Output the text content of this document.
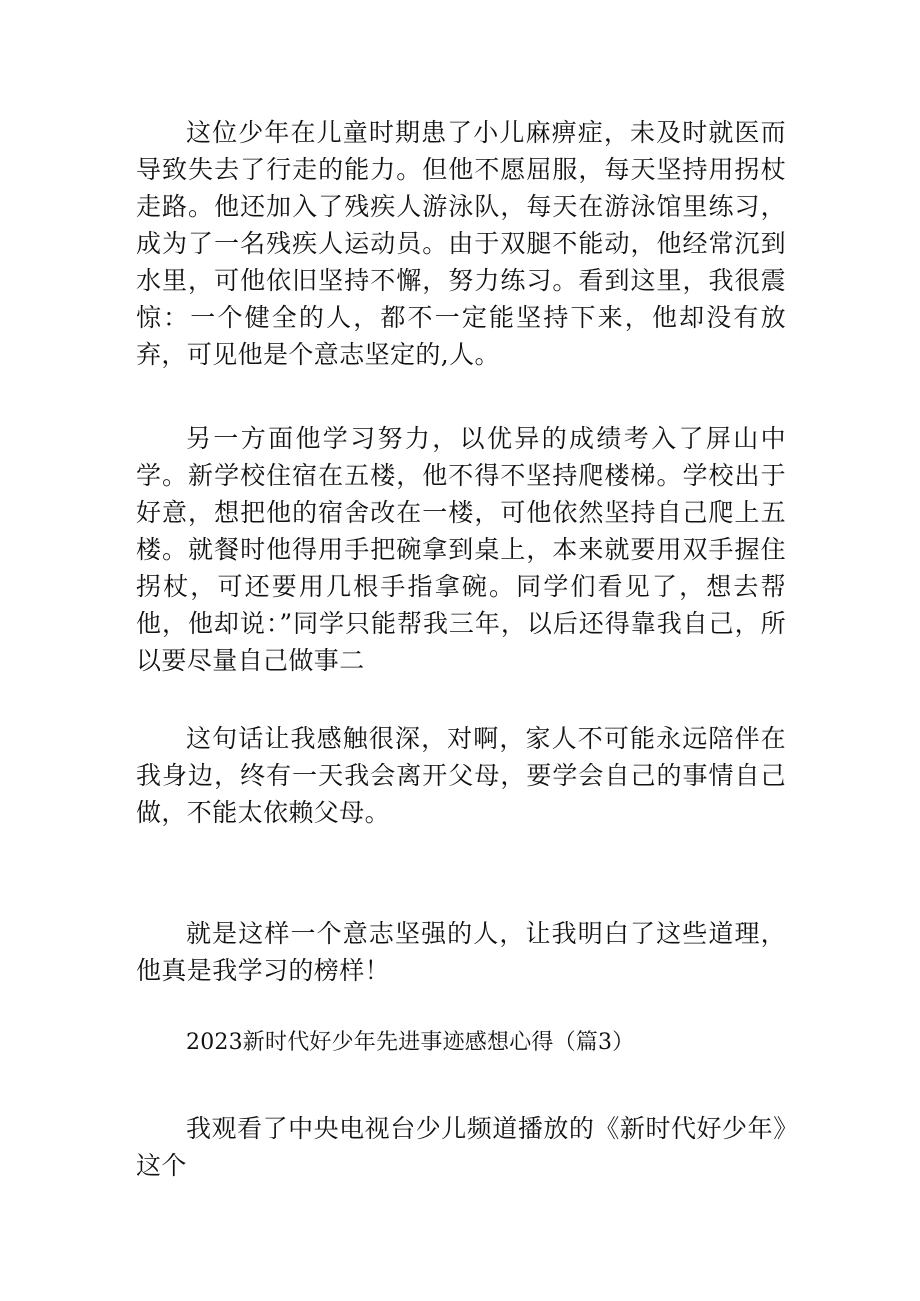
这位少年在儿童时期患了小儿麻痹症，未及时就医而导致失去了行走的能力。但他不愿屈服，每天坚持用拐杖走路。他还加入了残疾人游泳队，每天在游泳馆里练习，成为了一名残疾人运动员。由于双腿不能动，他经常沉到水里，可他依旧坚持不懈，努力练习。看到这里，我很震惊：一个健全的人，都不一定能坚持下来，他却没有放弃，可见他是个意志坚定的,人。

另一方面他学习努力，以优异的成绩考入了屏山中学。新学校住宿在五楼，他不得不坚持爬楼梯。学校出于好意，想把他的宿舍改在一楼，可他依然坚持自己爬上五楼。就餐时他得用手把碗拿到桌上，本来就要用双手握住拐杖，可还要用几根手指拿碗。同学们看见了，想去帮他，他却说：”同学只能帮我三年，以后还得靠我自己，所以要尽量自己做事二

这句话让我感触很深，对啊，家人不可能永远陪伴在我身边，终有一天我会离开父母，要学会自己的事情自己做，不能太依赖父母。

就是这样一个意志坚强的人，让我明白了这些道理，他真是我学习的榜样！

2023新时代好少年先进事迹感想心得（篇3）

我观看了中央电视台少儿频道播放的《新时代好少年》这个
